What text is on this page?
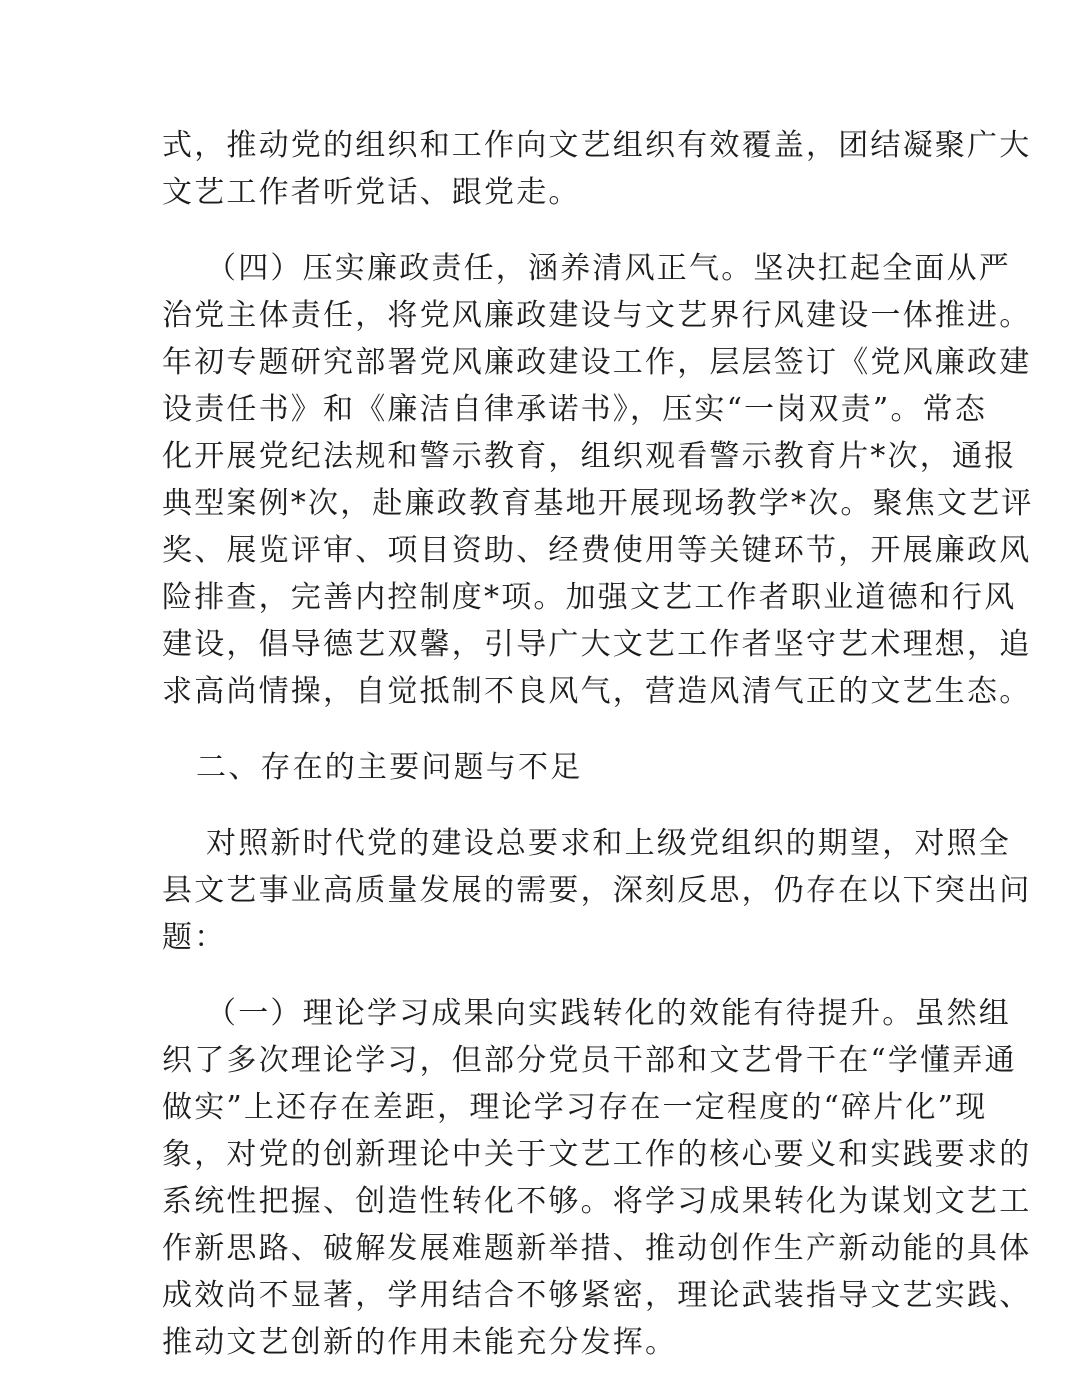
式，推动党的组织和工作向文艺组织有效覆盖，团结凝聚广大
文艺工作者听党话、跟党走。
（四）压实廉政责任，涵养清风正气。坚决扛起全面从严
治党主体责任，将党风廉政建设与文艺界行风建设一体推进。
年初专题研究部署党风廉政建设工作，层层签订《党风廉政建
设责任书》和《廉洁自律承诺书》，压实“一岗双责”。常态
化开展党纪法规和警示教育，组织观看警示教育片*次，通报
典型案例*次，赴廉政教育基地开展现场教学*次。聚焦文艺评
奖、展览评审、项目资助、经费使用等关键环节，开展廉政风
险排查，完善内控制度*项。加强文艺工作者职业道德和行风
建设，倡导德艺双馨，引导广大文艺工作者坚守艺术理想，追
求高尚情操，自觉抵制不良风气，营造风清气正的文艺生态。
二、存在的主要问题与不足
对照新时代党的建设总要求和上级党组织的期望，对照全
县文艺事业高质量发展的需要，深刻反思，仍存在以下突出问
题：
（一）理论学习成果向实践转化的效能有待提升。虽然组
织了多次理论学习，但部分党员干部和文艺骨干在“学懂弄通
做实”上还存在差距，理论学习存在一定程度的“碎片化”现
象，对党的创新理论中关于文艺工作的核心要义和实践要求的
系统性把握、创造性转化不够。将学习成果转化为谋划文艺工
作新思路、破解发展难题新举措、推动创作生产新动能的具体
成效尚不显著，学用结合不够紧密，理论武装指导文艺实践、
推动文艺创新的作用未能充分发挥。
